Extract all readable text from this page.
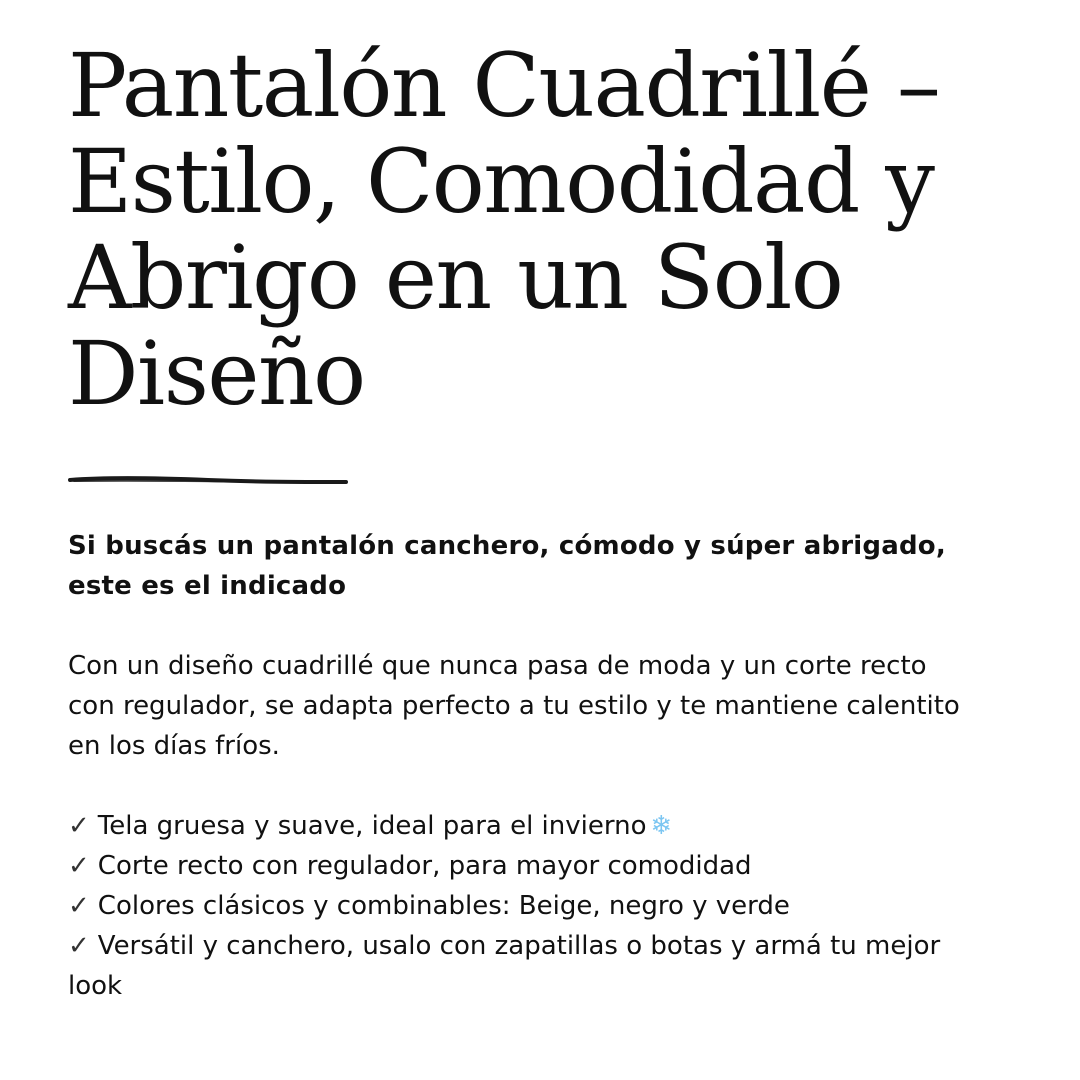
Pantalón Cuadrillé – Estilo, Comodidad y Abrigo en un Solo Diseño

Si buscás un pantalón canchero, cómodo y súper abrigado, este es el indicado

Con un diseño cuadrillé que nunca pasa de moda y un corte recto con regulador, se adapta perfecto a tu estilo y te mantiene calentito en los días fríos.

✓ Tela gruesa y suave, ideal para el invierno ❄
✓ Corte recto con regulador, para mayor comodidad
✓ Colores clásicos y combinables: Beige, negro y verde
✓ Versátil y canchero, usalo con zapatillas o botas y armá tu mejor look
